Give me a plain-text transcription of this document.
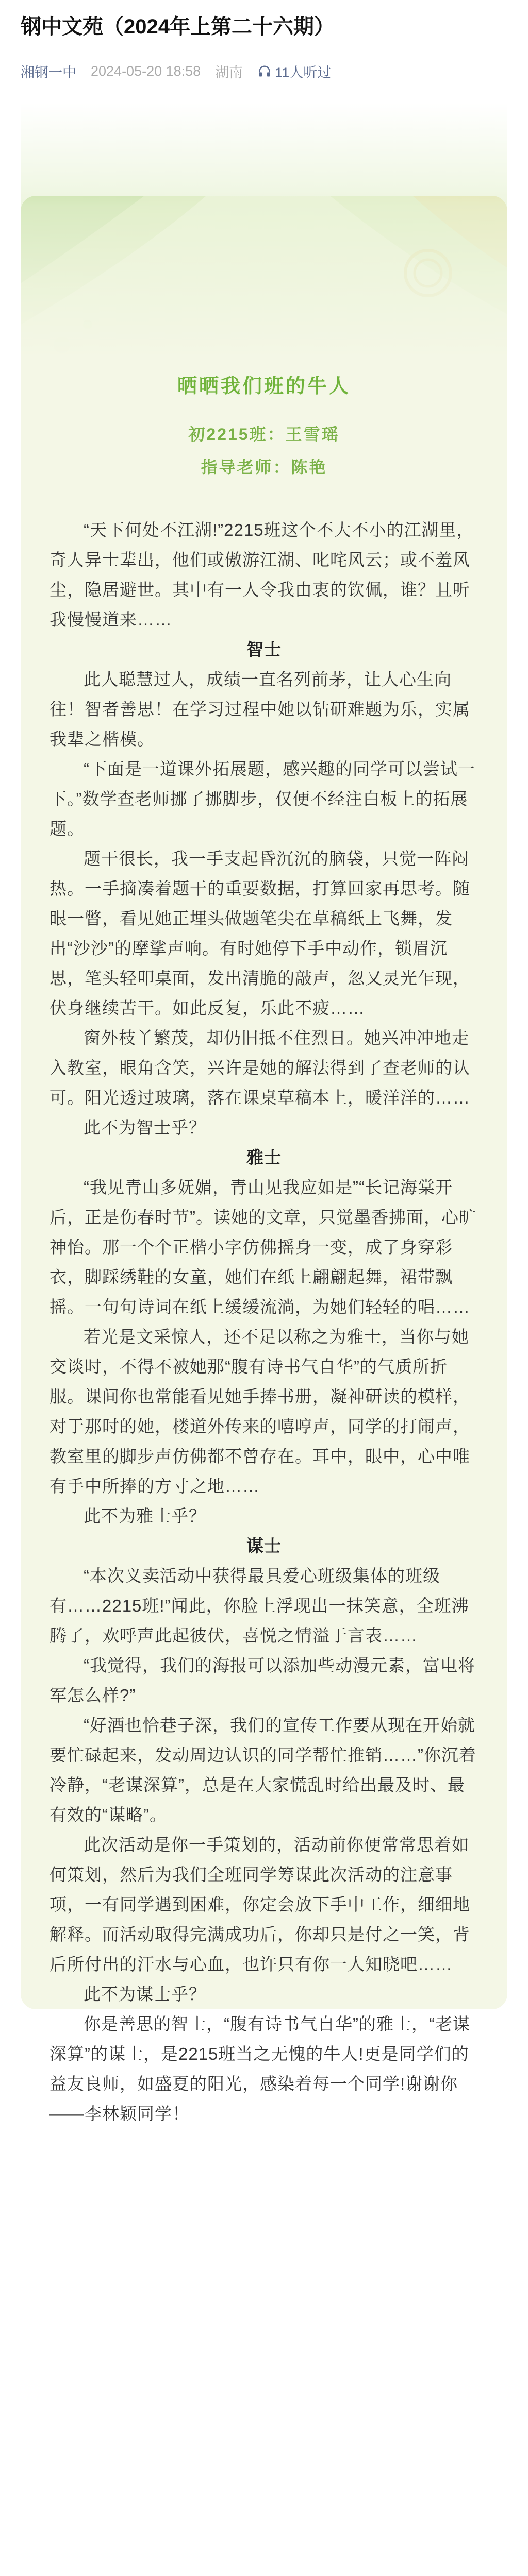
钢中文苑（2024年上第二十六期）
湘钢一中 2024-05-20 18:58 湖南 11人听过
晒晒我们班的牛人
初2215班：王雪瑶
指导老师：陈艳

“天下何处不江湖!”2215班这个不大不小的江湖里，奇人异士辈出，他们或傲游江湖、叱咤风云；或不羞风尘，隐居避世。其中有一人令我由衷的钦佩，谁？且听我慢慢道来……

智士

此人聪慧过人，成绩一直名列前茅，让人心生向往！智者善思！在学习过程中她以钻研难题为乐，实属我辈之楷模。

“下面是一道课外拓展题，感兴趣的同学可以尝试一下。”数学查老师挪了挪脚步，仅便不经注白板上的拓展题。

题干很长，我一手支起昏沉沉的脑袋，只觉一阵闷热。一手摘凑着题干的重要数据，打算回家再思考。随眼一瞥，看见她正埋头做题笔尖在草稿纸上飞舞，发出“沙沙”的摩挲声响。有时她停下手中动作，锁眉沉思，笔头轻叩桌面，发出清脆的敲声，忽又灵光乍现，伏身继续苦干。如此反复，乐此不疲……

窗外枝丫繁茂，却仍旧抵不住烈日。她兴冲冲地走入教室，眼角含笑，兴许是她的解法得到了查老师的认可。阳光透过玻璃，落在课桌草稿本上，暖洋洋的……

此不为智士乎？

雅士

“我见青山多妩媚，青山见我应如是”“长记海棠开后，正是伤春时节”。读她的文章，只觉墨香拂面，心旷神怡。那一个个正楷小字仿佛摇身一变，成了身穿彩衣，脚踩绣鞋的女童，她们在纸上翩翩起舞，裙带飘摇。一句句诗词在纸上缓缓流淌，为她们轻轻的唱……

若光是文采惊人，还不足以称之为雅士，当你与她交谈时，不得不被她那“腹有诗书气自华”的气质所折服。课间你也常能看见她手捧书册，凝神研读的模样，对于那时的她，楼道外传来的嘻哼声，同学的打闹声，教室里的脚步声仿佛都不曾存在。耳中，眼中，心中唯有手中所捧的方寸之地……

此不为雅士乎？

谋士

“本次义卖活动中获得最具爱心班级集体的班级有……2215班!”闻此，你脸上浮现出一抹笑意，全班沸腾了，欢呼声此起彼伏，喜悦之情溢于言表……

“我觉得，我们的海报可以添加些动漫元素，富电将军怎么样?”

“好酒也恰巷子深，我们的宣传工作要从现在开始就要忙碌起来，发动周边认识的同学帮忙推销……”你沉着冷静，“老谋深算”，总是在大家慌乱时给出最及时、最有效的“谋略”。

此次活动是你一手策划的，活动前你便常常思着如何策划，然后为我们全班同学筹谋此次活动的注意事项，一有同学遇到困难，你定会放下手中工作，细细地解释。而活动取得完满成功后，你却只是付之一笑，背后所付出的汗水与心血，也许只有你一人知晓吧……

此不为谋士乎？

你是善思的智士，“腹有诗书气自华”的雅士，“老谋深算”的谋士，是2215班当之无愧的牛人!更是同学们的益友良师，如盛夏的阳光，感染着每一个同学!谢谢你——李林颖同学！
